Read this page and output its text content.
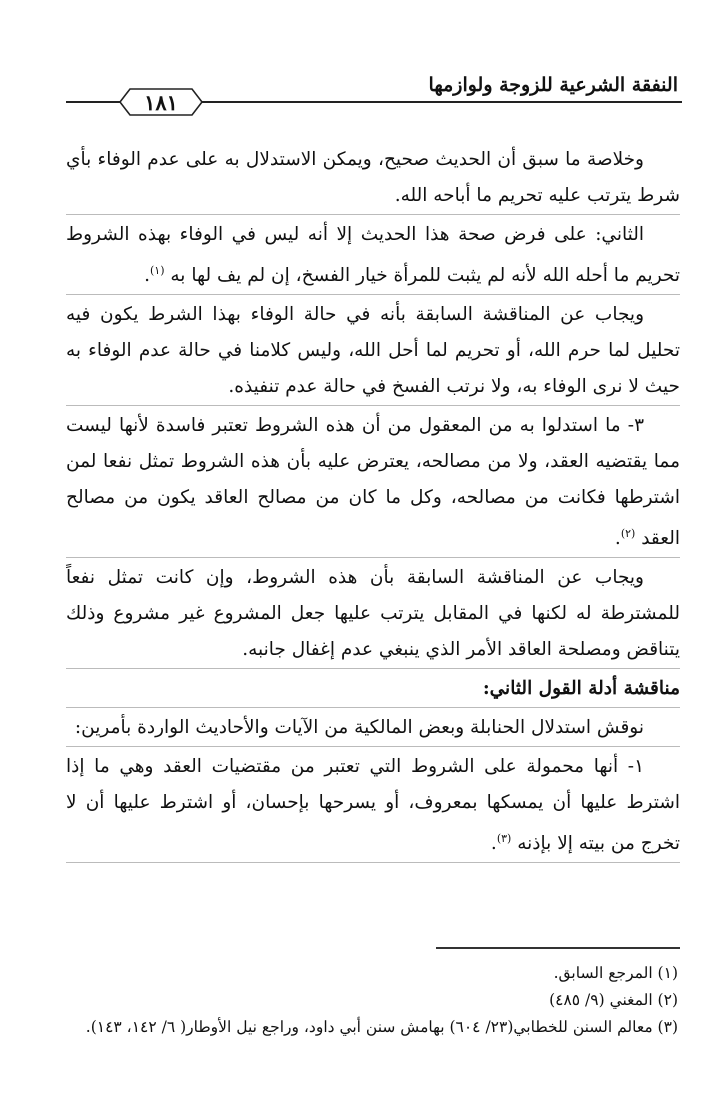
النفقة الشرعية للزوجة ولوازمها
١٨١

وخلاصة ما سبق أن الحديث صحيح، ويمكن الاستدلال به على عدم الوفاء بأي شرط يترتب عليه تحريم ما أباحه الله.

الثاني: على فرض صحة هذا الحديث إلا أنه ليس في الوفاء بهذه الشروط تحريم ما أحله الله لأنه لم يثبت للمرأة خيار الفسخ، إن لم يف لها به $^{(١)}$.

ويجاب عن المناقشة السابقة بأنه في حالة الوفاء بهذا الشرط يكون فيه تحليل لما حرم الله، أو تحريم لما أحل الله، وليس كلامنا في حالة عدم الوفاء به حيث لا نرى الوفاء به، ولا نرتب الفسخ في حالة عدم تنفيذه.

٣- ما استدلوا به من المعقول من أن هذه الشروط تعتبر فاسدة لأنها ليست مما يقتضيه العقد، ولا من مصالحه، يعترض عليه بأن هذه الشروط تمثل نفعا لمن اشترطها فكانت من مصالحه، وكل ما كان من مصالح العاقد يكون من مصالح العقد $^{(٢)}$.

ويجاب عن المناقشة السابقة بأن هذه الشروط، وإن كانت تمثل نفعاً للمشترطة له لكنها في المقابل يترتب عليها جعل المشروع غير مشروع وذلك يتناقض ومصلحة العاقد الأمر الذي ينبغي عدم إغفال جانبه.

مناقشة أدلة القول الثاني:

نوقش استدلال الحنابلة وبعض المالكية من الآيات والأحاديث الواردة بأمرين:

١- أنها محمولة على الشروط التي تعتبر من مقتضيات العقد وهي ما إذا اشترط عليها أن يمسكها بمعروف، أو يسرحها بإحسان، أو اشترط عليها أن لا تخرج من بيته إلا بإذنه $^{(٣)}$.

(١) المرجع السابق.

(٢) المغني (٩/ ٤٨٥)

(٣) معالم السنن للخطابي(٢٣/ ٦٠٤) بهامش سنن أبي داود، وراجع نيل الأوطار( ٦/ ١٤٢، ١٤٣).
